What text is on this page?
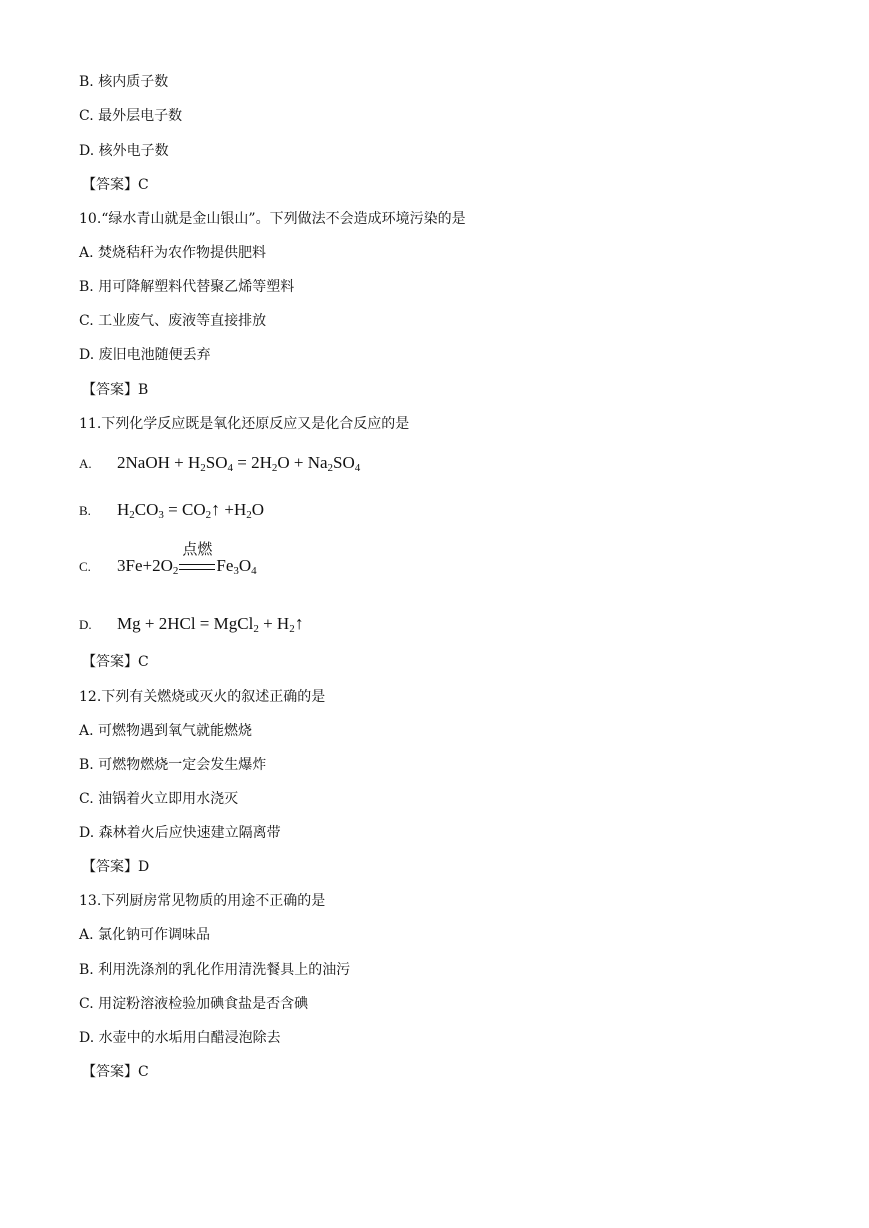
B. 核内质子数
C. 最外层电子数
D. 核外电子数
【答案】C
10.“绿水青山就是金山银山”。下列做法不会造成环境污染的是
A. 焚烧秸秆为农作物提供肥料
B. 用可降解塑料代替聚乙烯等塑料
C. 工业废气、废液等直接排放
D. 废旧电池随便丢弃
【答案】B
11.下列化学反应既是氧化还原反应又是化合反应的是
A. 2NaOH + $H_2SO_4 = 2H_2O + Na_2SO_4$
B. $H_2CO_3$ = $CO_2↑ +H_2O$
C. $3Fe+2O_2$
点燃
$Fe_3O_4$
D. Mg + 2HCl = MgCl$_2$ + $H_2↑$
【答案】C
12.下列有关燃烧或灭火的叙述正确的是
A. 可燃物遇到氧气就能燃烧
B. 可燃物燃烧一定会发生爆炸
C. 油锅着火立即用水浇灭
D. 森林着火后应快速建立隔离带
【答案】D
13.下列厨房常见物质的用途不正确的是
A. 氯化钠可作调味品
B. 利用洗涤剂的乳化作用清洗餐具上的油污
C. 用淀粉溶液检验加碘食盐是否含碘
D. 水壶中的水垢用白醋浸泡除去
【答案】C
